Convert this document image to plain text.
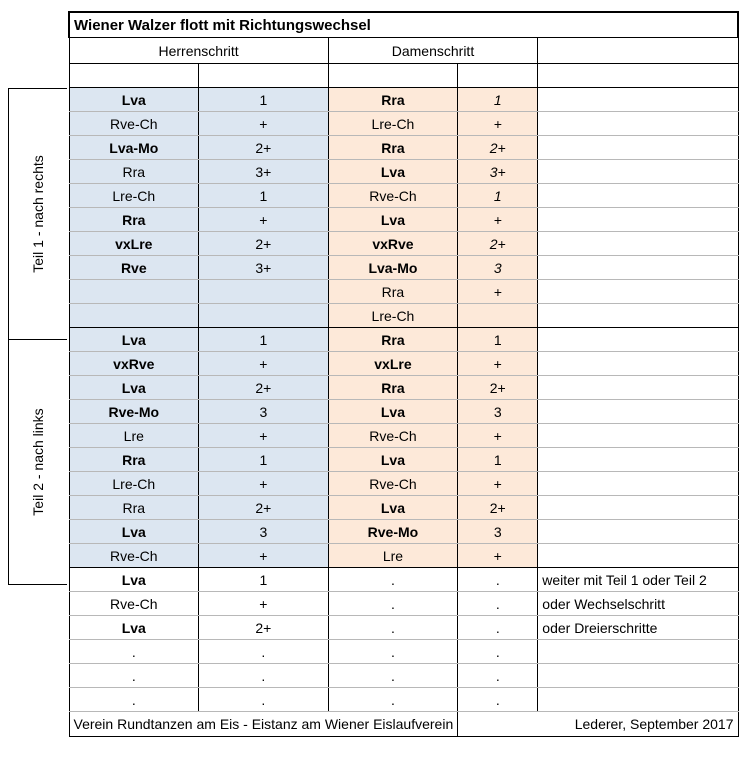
Teil 1 - nach rechts
Teil 2 - nach links
Wiener Walzer flott mit Richtungswechsel				
Herrenschritt		Damenschritt		

Lva	1	Rra	1	
Rve-Ch	+	Lre-Ch	+	
Lva-Mo	2+	Rra	2+	
Rra	3+	Lva	3+	
Lre-Ch	1	Rve-Ch	1	
Rra	+	Lva	+	
vxLre	2+	vxRve	2+	
Rve	3+	Lva-Mo	3	
		Rra	+	
		Lre-Ch		
Lva	1	Rra	1	
vxRve	+	vxLre	+	
Lva	2+	Rra	2+	
Rve-Mo	3	Lva	3	
Lre	+	Rve-Ch	+	
Rra	1	Lva	1	
Lre-Ch	+	Rve-Ch	+	
Rra	2+	Lva	2+	
Lva	3	Rve-Mo	3	
Rve-Ch	+	Lre	+	
Lva	1	.	.	weiter mit Teil 1 oder Teil 2
Rve-Ch	+	.	.	oder Wechselschritt
Lva	2+	.	.	oder Dreierschritte
.	.	.	.	
.	.	.	.	
.	.	.	.	
Verein Rundtanzen am Eis - Eistanz am Wiener Eislaufverein			Lederer, September 2017	
